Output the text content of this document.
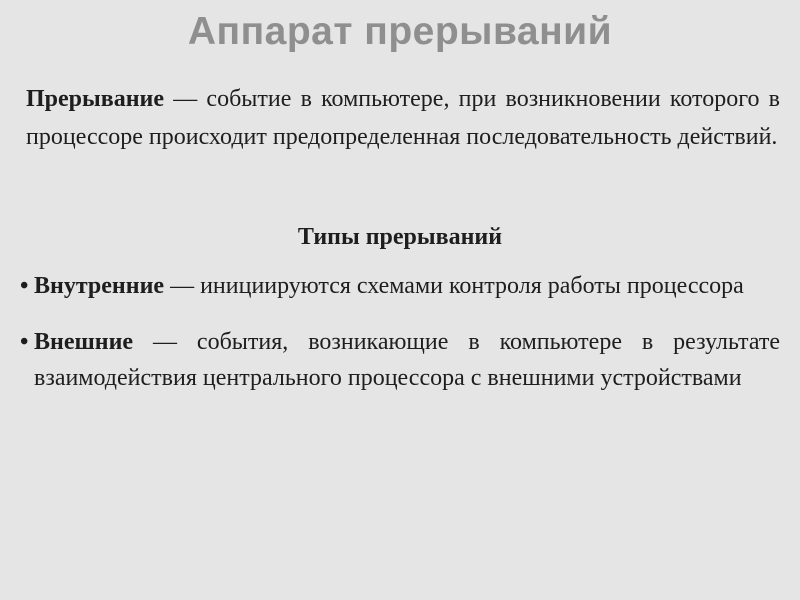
Аппарат прерываний

Прерывание — событие в компьютере, при возникновении которого в процессоре происходит предопределенная последовательность действий.

Типы прерываний
• Внутренние — инициируются схемами контроля работы процессора
• Внешние — события, возникающие в компьютере в результате взаимодействия центрального процессора с внешними устройствами
